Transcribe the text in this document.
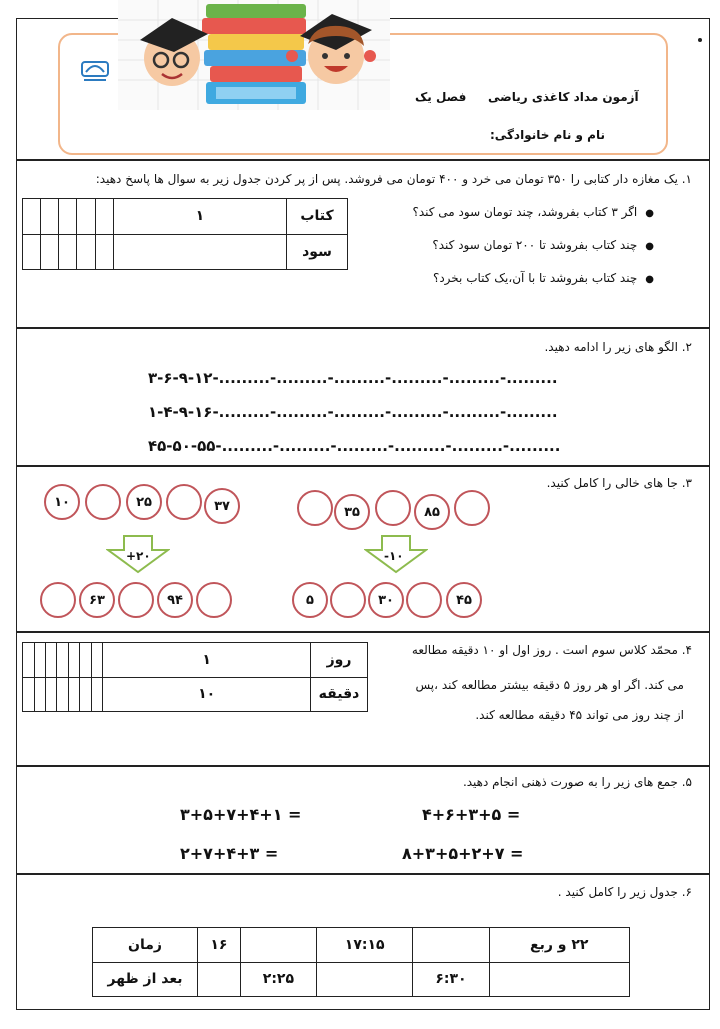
آزمون مداد کاغذی ریاضی
فصل یک
نام و نام خانوادگی:
۱. یک مغازه دار کتابی را ۳۵۰ تومان می خرد و ۴۰۰ تومان می فروشد. پس از پر کردن جدول زیر به سوال ها پاسخ دهید:
● اگر ۳ کتاب بفروشد، چند تومان سود می کند؟
● چند کتاب بفروشد تا ۲۰۰ تومان سود کند؟
● چند کتاب بفروشد تا با آن،یک کتاب بخرد؟
کتاب	۱					
سود						
۲. الگو های زیر را ادامه دهید.
۳-۶-۹-۱۲-.........-.........-.........-.........-.........-.........
۱-۴-۹-۱۶-.........-.........-.........-.........-.........-.........
۴۵-۵۰-۵۵-.........-.........-.........-.........-.........-.........
۳. جا های خالی را کامل کنید.
۱۰	۲۵	۳۷	۳۵	۸۵
+۲۰	-۱۰
۶۳	۹۴	۵	۳۰	۴۵
۴. محمّد کلاس سوم است . روز اول او ۱۰ دقیقه مطالعه
می کند. اگر او هر روز ۵ دقیقه بیشتر مطالعه کند ،پس
از چند روز می تواند ۴۵ دقیقه مطالعه کند.
روز	۱							
دقیقه	۱۰							
۵. جمع های زیر را به صورت ذهنی انجام دهید.
۳+۵+۷+۴+۱ =	۴+۶+۳+۵ =
۲+۷+۴+۳ =	۸+۳+۵+۲+۷ =
۶. جدول زیر را کامل کنید .
۲۲ و ربع		۱۷:۱۵		۱۶	زمان
	۶:۳۰		۲:۲۵		بعد از ظهر
